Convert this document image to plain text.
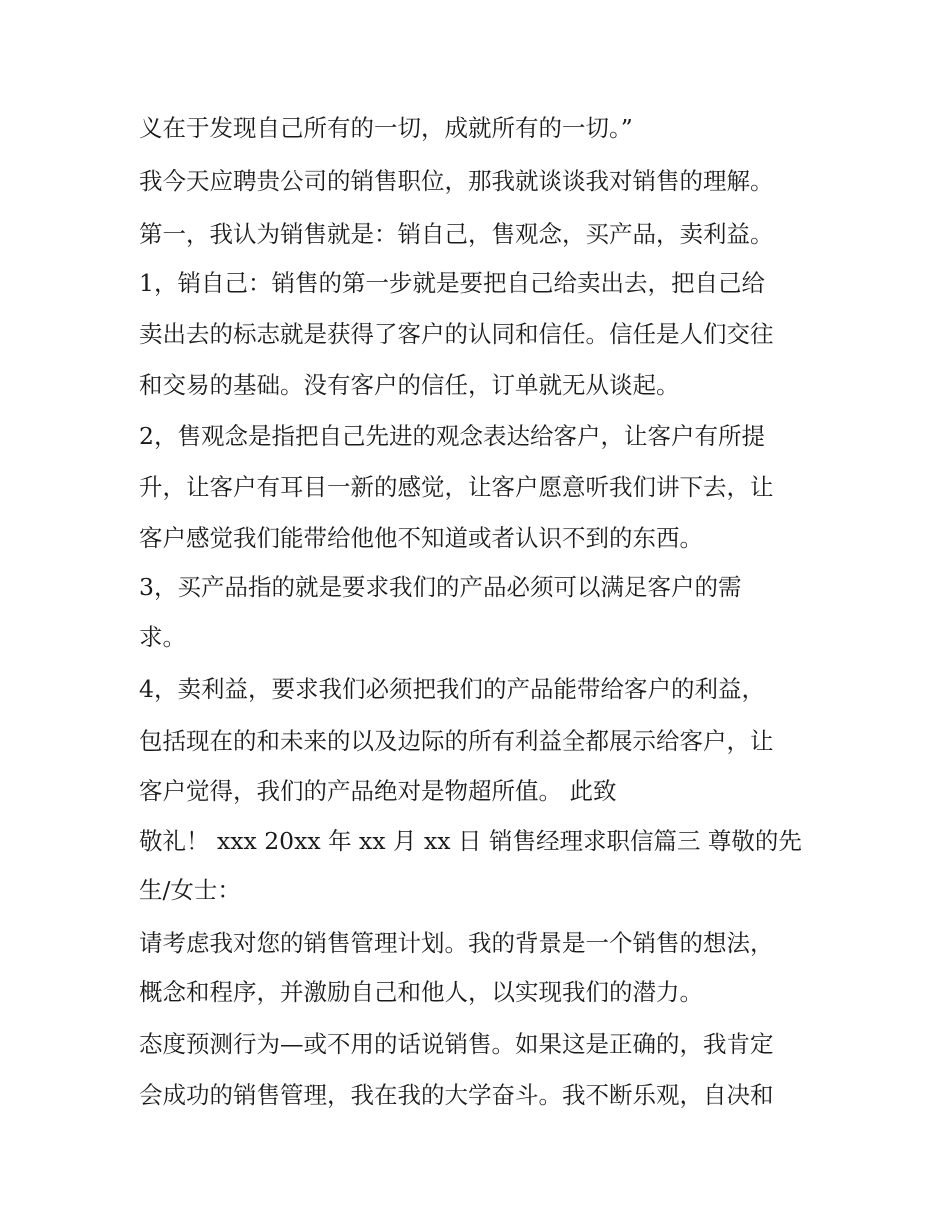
义在于发现自己所有的一切，成就所有的一切。”
我今天应聘贵公司的销售职位，那我就谈谈我对销售的理解。
第一，我认为销售就是：销自己，售观念，买产品，卖利益。
1，销自己：销售的第一步就是要把自己给卖出去，把自己给
卖出去的标志就是获得了客户的认同和信任。信任是人们交往
和交易的基础。没有客户的信任，订单就无从谈起。
2，售观念是指把自己先进的观念表达给客户，让客户有所提
升，让客户有耳目一新的感觉，让客户愿意听我们讲下去，让
客户感觉我们能带给他他不知道或者认识不到的东西。
3，买产品指的就是要求我们的产品必须可以满足客户的需
求。
4，卖利益，要求我们必须把我们的产品能带给客户的利益，
包括现在的和未来的以及边际的所有利益全都展示给客户，让
客户觉得，我们的产品绝对是物超所值。 此致
敬礼！ xxx 20xx 年 xx 月 xx 日 销售经理求职信篇三 尊敬的先
生/女士：
请考虑我对您的销售管理计划。我的背景是一个销售的想法，
概念和程序，并激励自己和他人，以实现我们的潜力。
态度预测行为—或不用的话说销售。如果这是正确的，我肯定
会成功的销售管理，我在我的大学奋斗。我不断乐观，自决和
